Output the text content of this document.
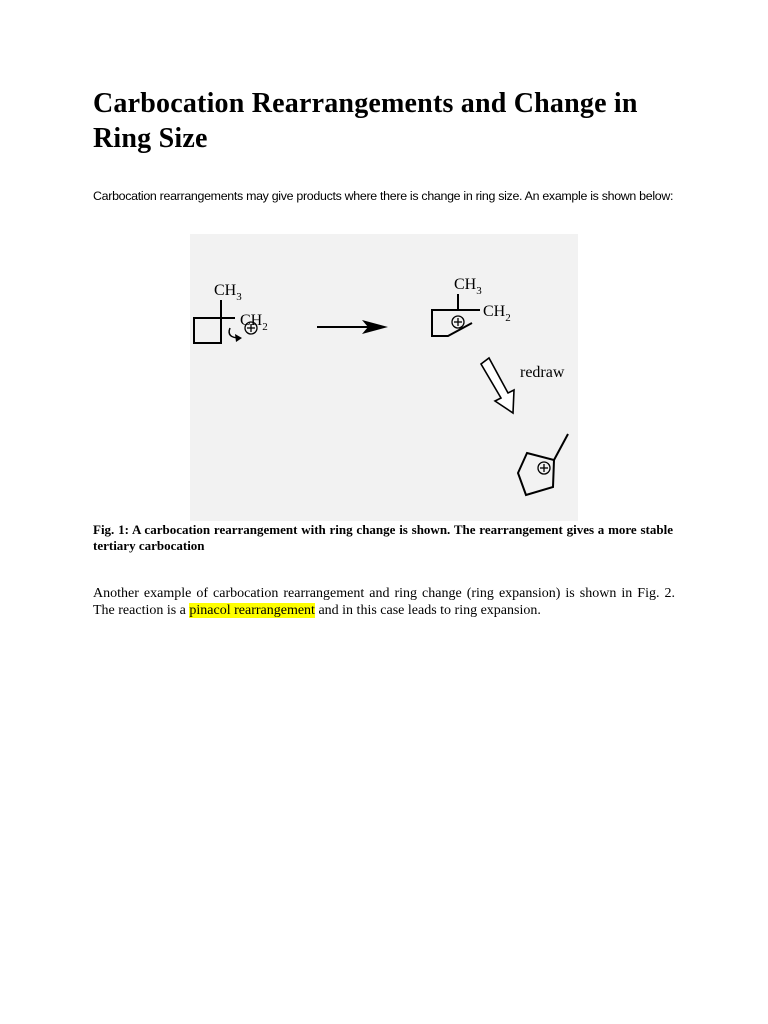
Carbocation Rearrangements and Change in Ring Size

Carbocation rearrangements may give products where there is change in ring size. An example is shown below:

$CH_3$
$CH_2$
$CH_3$
$CH_2$
redraw

Fig. 1: A carbocation rearrangement with ring change is shown. The rearrangement gives a more stable tertiary carbocation

Another example of carbocation rearrangement and ring change (ring expansion) is shown in Fig. 2. The reaction is a pinacol rearrangement and in this case leads to ring expansion.
